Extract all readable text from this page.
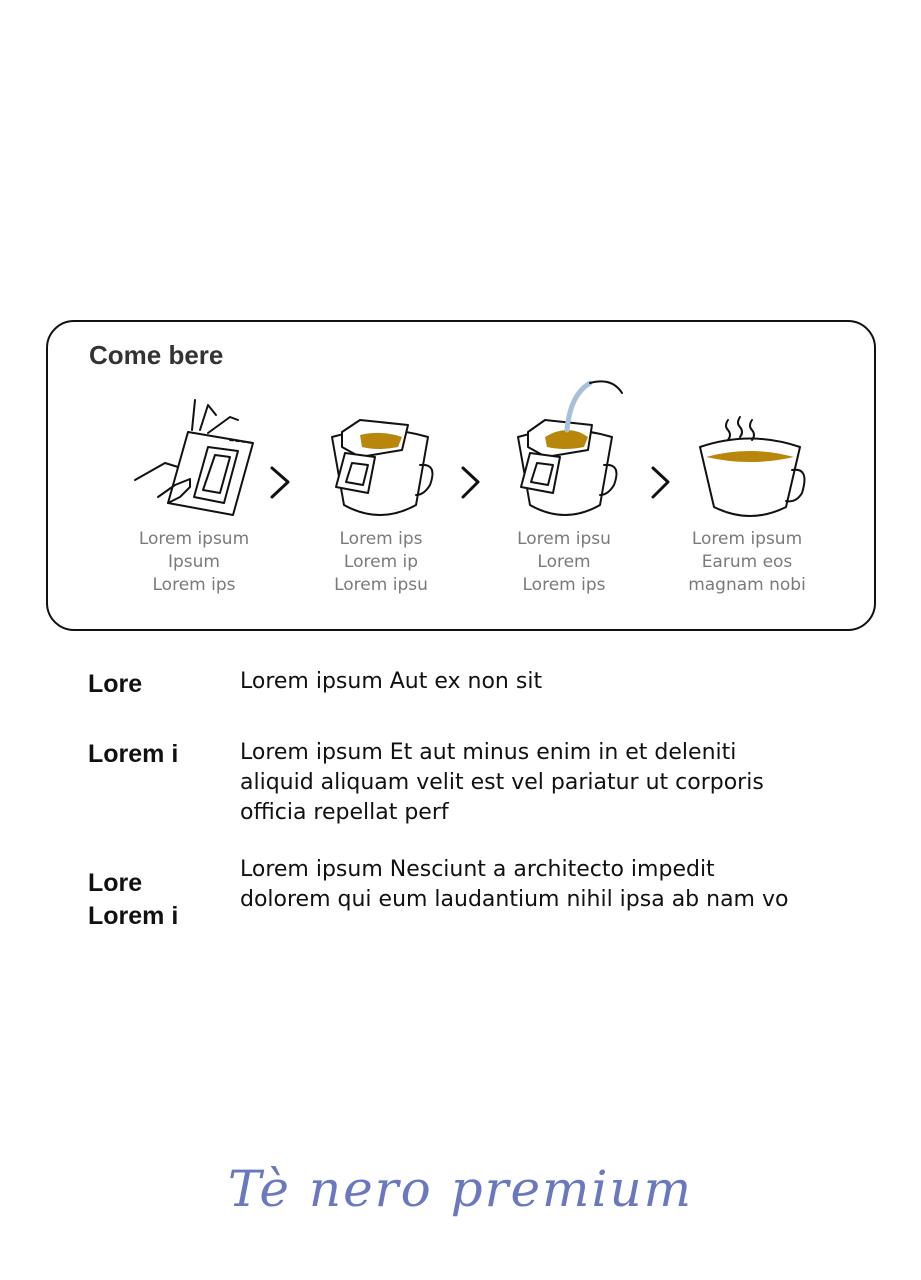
Come bere
Lorem ipsum
Ipsum
Lorem ips
Lorem ips
Lorem ip
Lorem ipsu
Lorem ipsu
Lorem
Lorem ips
Lorem ipsum
Earum eos
magnam nobi
Lore	Lorem ipsum Aut ex non sit
Lorem i	Lorem ipsum Et aut minus enim in et deleniti aliquid aliquam velit est vel pariatur ut corporis officia repellat perf
Lore
Lorem i
Lorem ipsum Nesciunt a architecto impedit dolorem qui eum laudantium nihil ipsa ab nam vo
Tè nero premium
